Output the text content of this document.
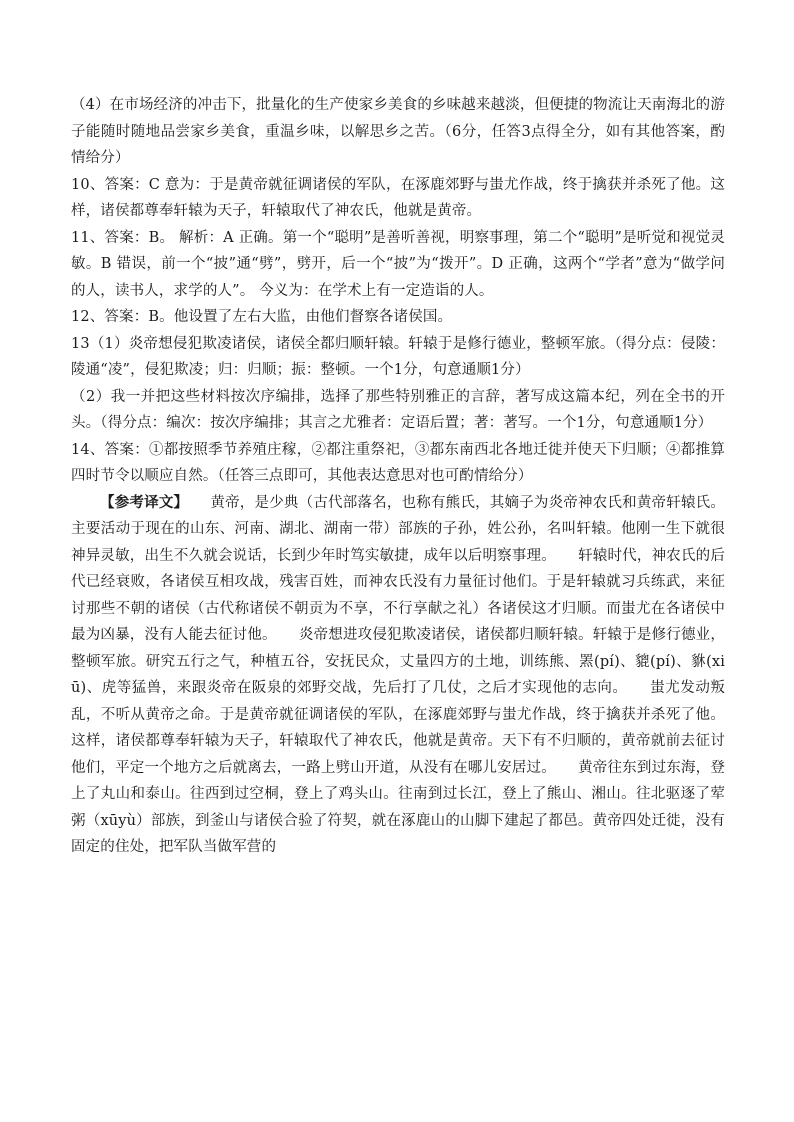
（4）在市场经济的冲击下，批量化的生产使家乡美食的乡味越来越淡，但便捷的物流让天南海北的游子能随时随地品尝家乡美食，重温乡味，以解思乡之苦。（6分，任答3点得全分，如有其他答案，酌情给分）

10、答案：C 意为：于是黄帝就征调诸侯的军队，在涿鹿郊野与蚩尤作战，终于擒获并杀死了他。这样，诸侯都尊奉轩辕为天子，轩辕取代了神农氏，他就是黄帝。

11、答案：B。 解析：A 正确。第一个“聪明”是善听善视，明察事理，第二个“聪明”是听觉和视觉灵敏。B 错误，前一个“披”通“劈”，劈开，后一个“披”为“拨开”。D 正确，这两个“学者”意为“做学问的人，读书人，求学的人”。 今义为：在学术上有一定造诣的人。

12、答案：B。他设置了左右大监，由他们督察各诸侯国。

13（1）炎帝想侵犯欺凌诸侯，诸侯全都归顺轩辕。轩辕于是修行德业，整顿军旅。（得分点：侵陵：陵通“凌”，侵犯欺凌；归：归顺；振：整顿。一个1分，句意通顺1分）

（2）我一并把这些材料按次序编排，选择了那些特别雅正的言辞，著写成这篇本纪，列在全书的开头。（得分点：编次：按次序编排；其言之尤雅者：定语后置；著：著写。一个1分，句意通顺1分）

14、答案：①都按照季节养殖庄稼，②都注重祭祀，③都东南西北各地迁徙并使天下归顺；④都推算四时节令以顺应自然。（任答三点即可，其他表达意思对也可酌情给分）

【参考译文】　　黄帝，是少典（古代部落名，也称有熊氏，其嫡子为炎帝神农氏和黄帝轩辕氏。主要活动于现在的山东、河南、湖北、湖南一带）部族的子孙，姓公孙，名叫轩辕。他刚一生下就很神异灵敏，出生不久就会说话，长到少年时笃实敏捷，成年以后明察事理。　　轩辕时代，神农氏的后代已经衰败，各诸侯互相攻战，残害百姓，而神农氏没有力量征讨他们。于是轩辕就习兵练武，来征讨那些不朝的诸侯（古代称诸侯不朝贡为不享，不行享献之礼）各诸侯这才归顺。而蚩尤在各诸侯中最为凶暴，没有人能去征讨他。　　炎帝想进攻侵犯欺凌诸侯，诸侯都归顺轩辕。轩辕于是修行德业，整顿军旅。研究五行之气，种植五谷，安抚民众，丈量四方的土地，训练熊、罴(pí)、貔(pí)、貅(xiū)、虎等猛兽，来跟炎帝在阪泉的郊野交战，先后打了几仗，之后才实现他的志向。　　蚩尤发动叛乱，不听从黄帝之命。于是黄帝就征调诸侯的军队，在涿鹿郊野与蚩尤作战，终于擒获并杀死了他。这样，诸侯都尊奉轩辕为天子，轩辕取代了神农氏，他就是黄帝。天下有不归顺的，黄帝就前去征讨他们，平定一个地方之后就离去，一路上劈山开道，从没有在哪儿安居过。　　黄帝往东到过东海，登上了丸山和泰山。往西到过空桐，登上了鸡头山。往南到过长江，登上了熊山、湘山。往北驱逐了荤粥（xūyù）部族，到釜山与诸侯合验了符契，就在涿鹿山的山脚下建起了都邑。黄帝四处迁徙，没有固定的住处，把军队当做军营的
